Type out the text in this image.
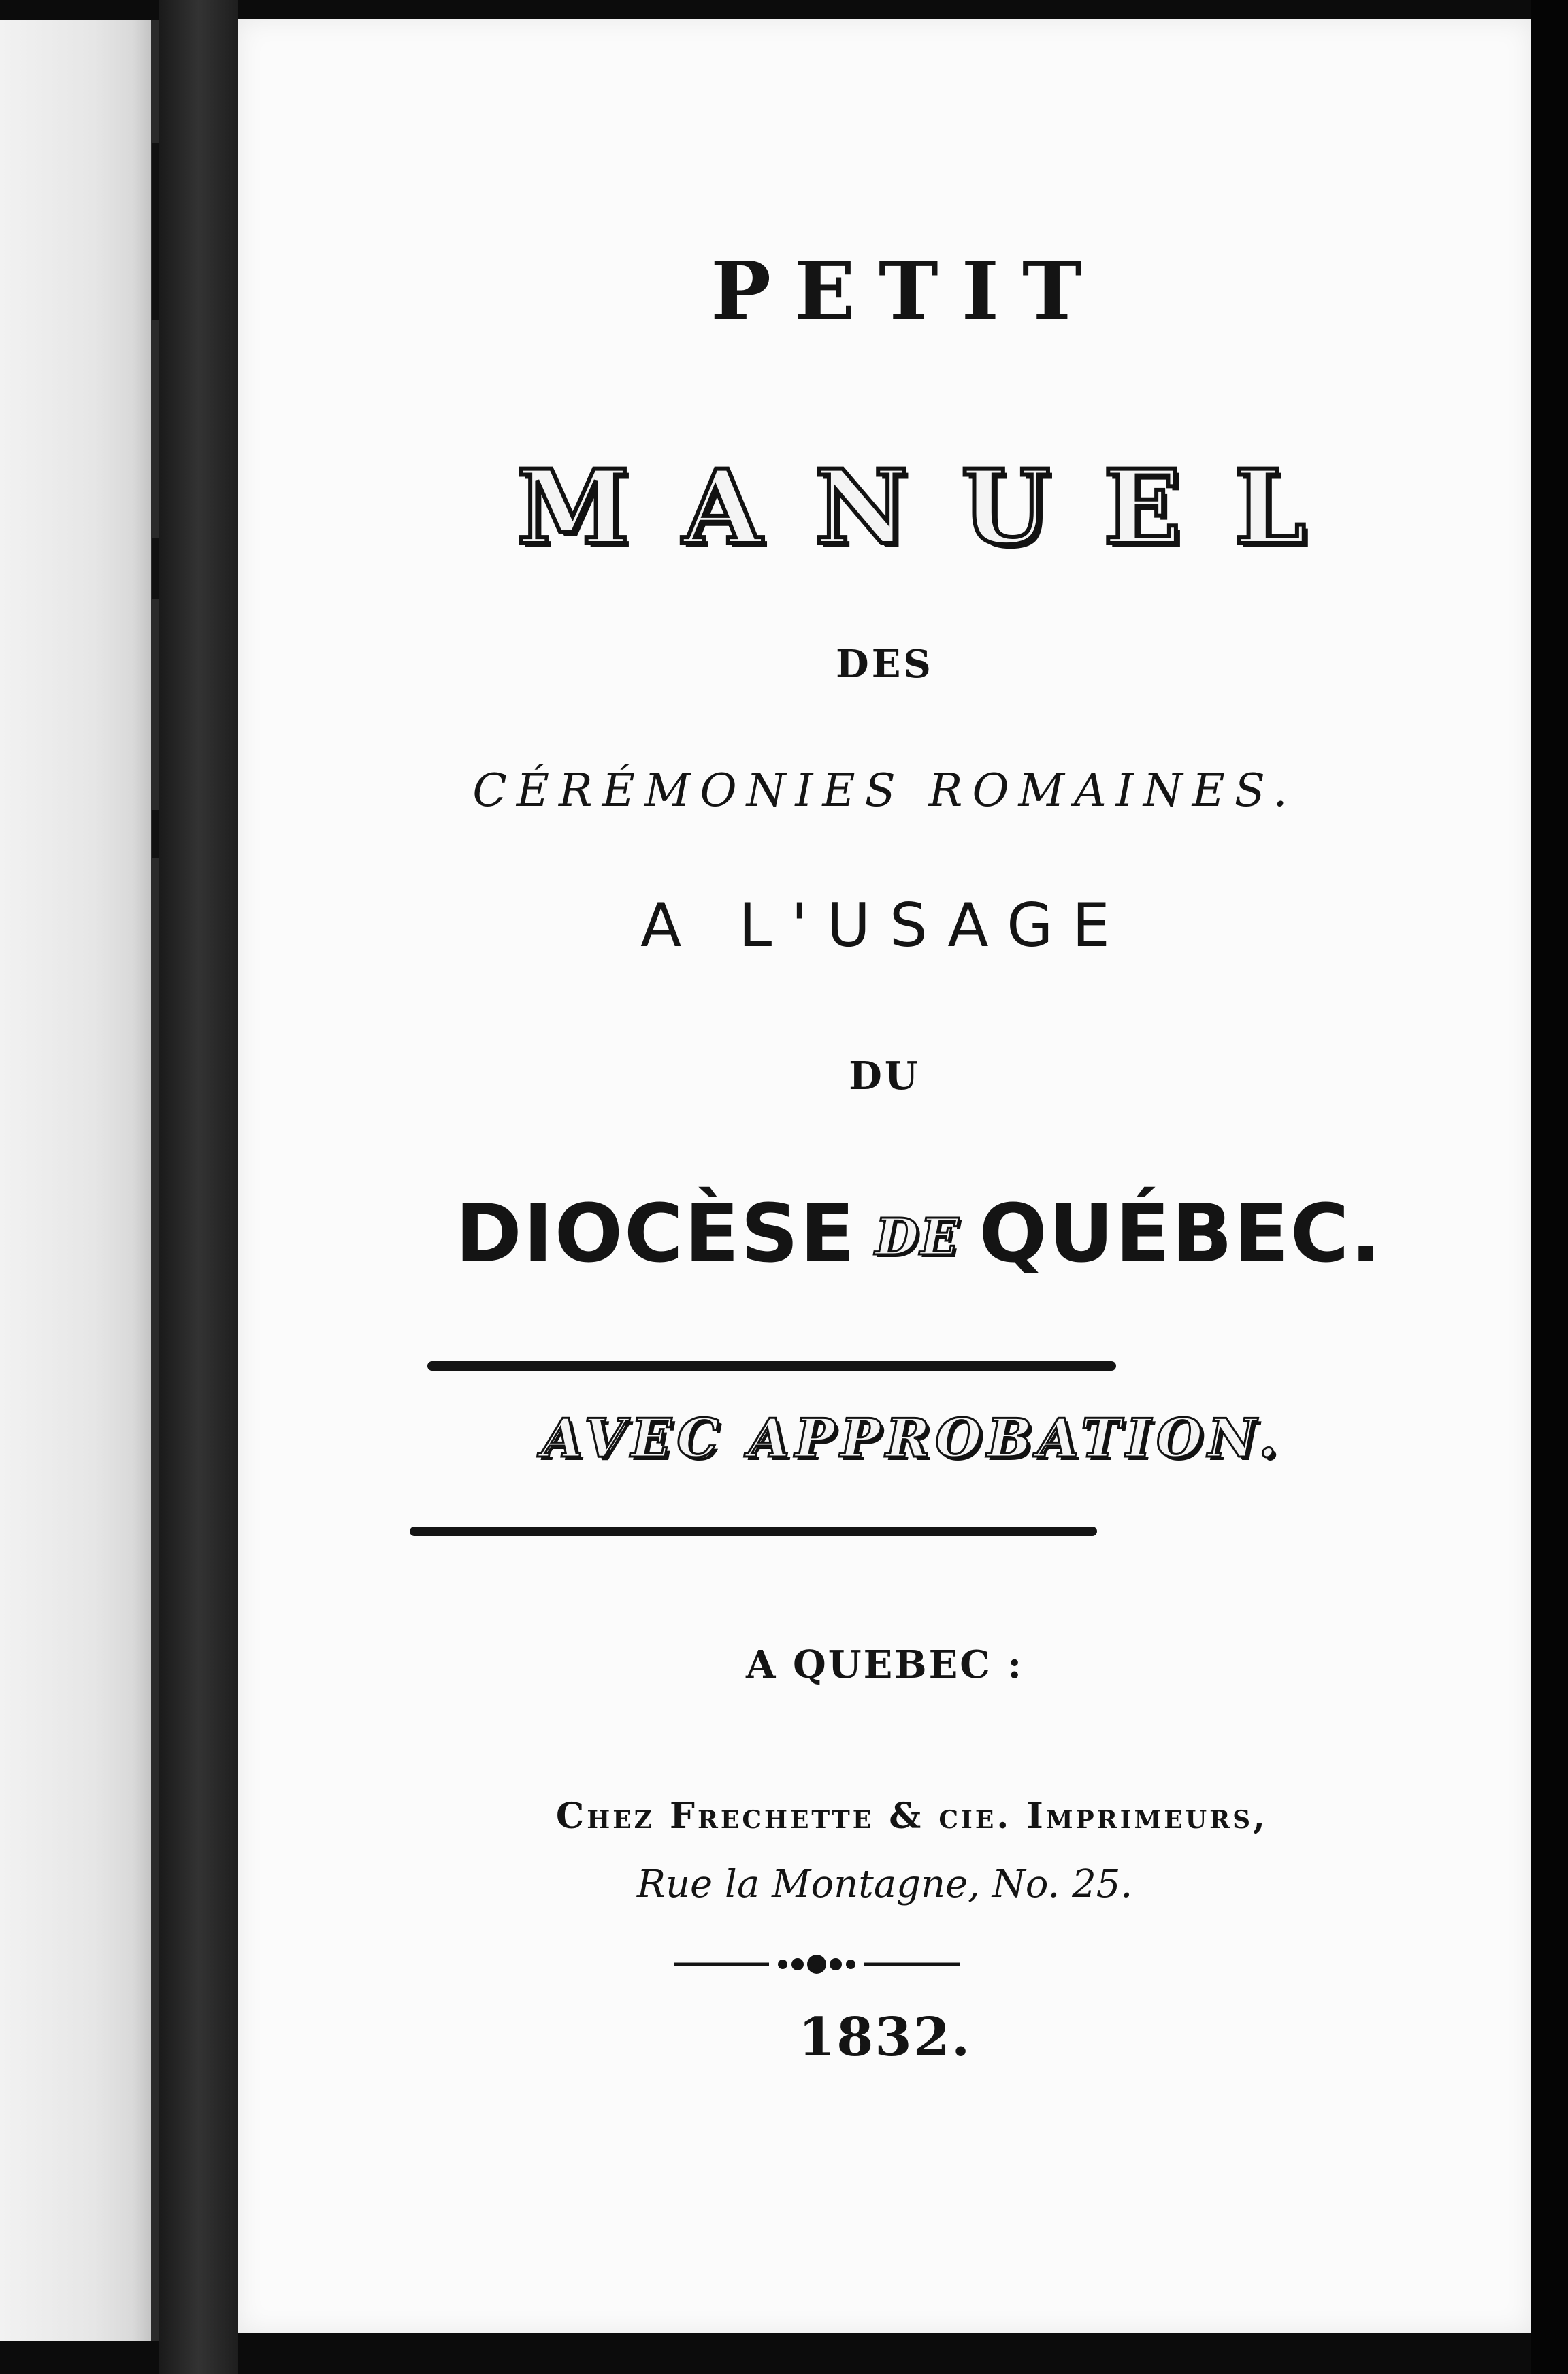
PETIT
MANUEL
DES
CÉRÉMONIES ROMAINES.
A L'USAGE
DU
DIOCÈSE DE QUÉBEC.
AVEC APPROBATION.
A QUEBEC :
Chez Frechette & cie. Imprimeurs,
Rue la Montagne, No. 25.
1832.
